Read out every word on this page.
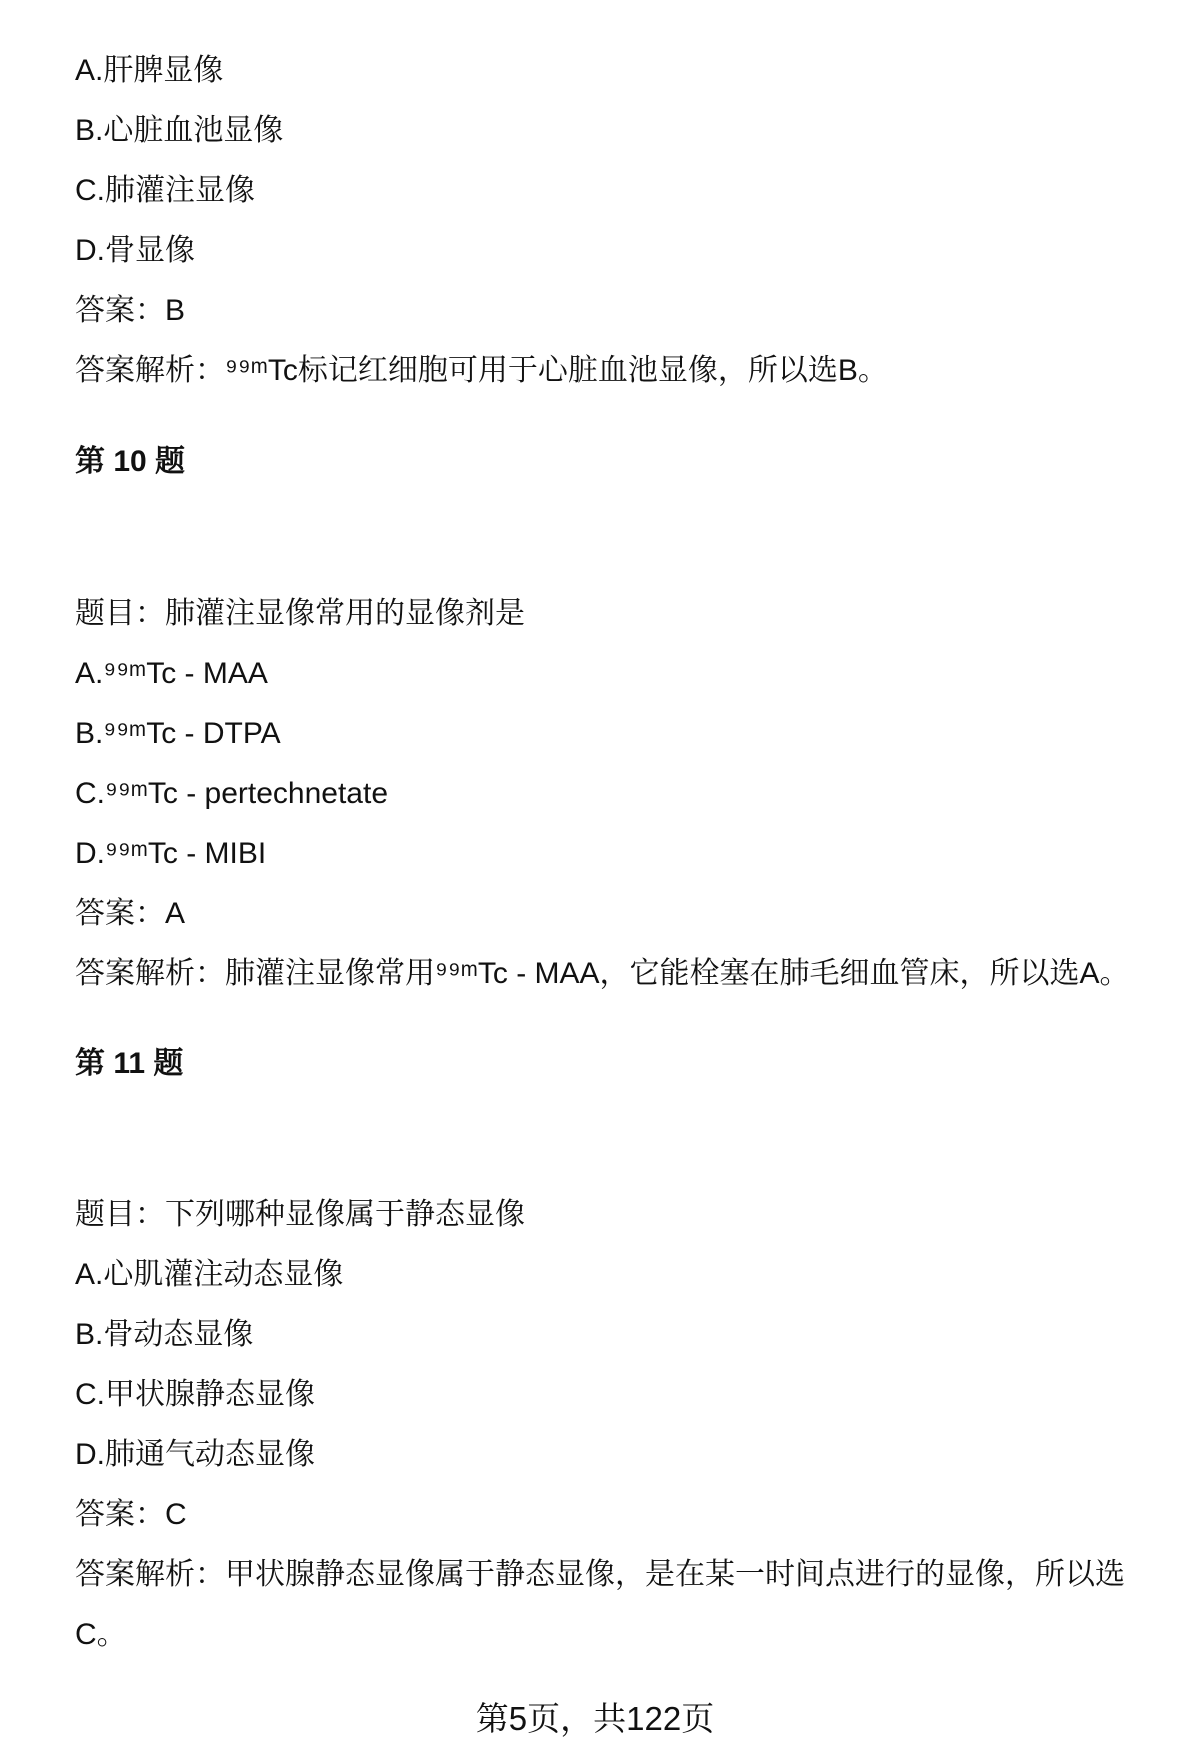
A.肝脾显像

B.心脏血池显像

C.肺灌注显像

D.骨显像

答案：B

答案解析：⁹⁹ᵐTc标记红细胞可用于心脏血池显像，所以选B。

第 10 题

题目：肺灌注显像常用的显像剂是

A.⁹⁹ᵐTc - MAA

B.⁹⁹ᵐTc - DTPA

C.⁹⁹ᵐTc - pertechnetate

D.⁹⁹ᵐTc - MIBI

答案：A

答案解析：肺灌注显像常用⁹⁹ᵐTc - MAA，它能栓塞在肺毛细血管床，所以选A。

第 11 题

题目：下列哪种显像属于静态显像

A.心肌灌注动态显像

B.骨动态显像

C.甲状腺静态显像

D.肺通气动态显像

答案：C

答案解析：甲状腺静态显像属于静态显像，是在某一时间点进行的显像，所以选C。

第5页，共122页
